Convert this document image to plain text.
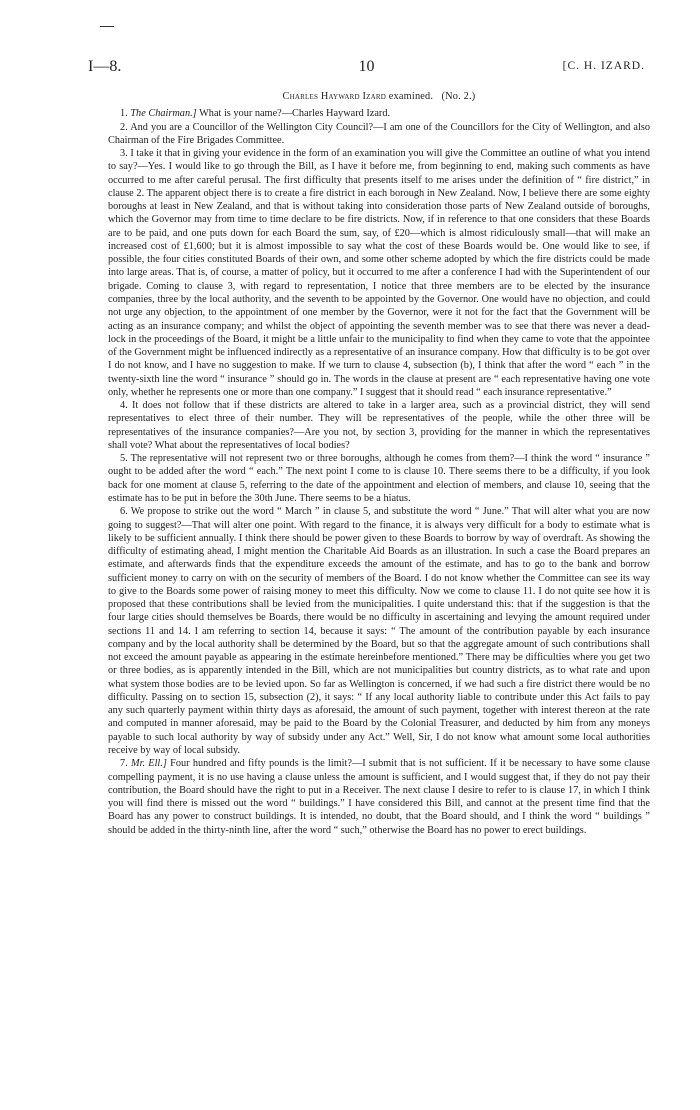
I—8.	10	[C. H. IZARD.
Charles Hayward Izard examined. (No. 2.)

1. The Chairman.] What is your name?—Charles Hayward Izard.

2. And you are a Councillor of the Wellington City Council?—I am one of the Councillors for the City of Wellington, and also Chairman of the Fire Brigades Committee.

3. I take it that in giving your evidence in the form of an examination you will give the Committee an outline of what you intend to say?—Yes. I would like to go through the Bill, as I have it before me, from beginning to end, making such comments as have occurred to me after careful perusal. The first difficulty that presents itself to me arises under the definition of “ fire district,” in clause 2. The apparent object there is to create a fire district in each borough in New Zealand. Now, I believe there are some eighty boroughs at least in New Zealand, and that is without taking into consideration those parts of New Zealand outside of boroughs, which the Governor may from time to time declare to be fire districts. Now, if in reference to that one considers that these Boards are to be paid, and one puts down for each Board the sum, say, of £20—which is almost ridiculously small—that will make an increased cost of £1,600; but it is almost impossible to say what the cost of these Boards would be. One would like to see, if possible, the four cities constituted Boards of their own, and some other scheme adopted by which the fire districts could be made into large areas. That is, of course, a matter of policy, but it occurred to me after a conference I had with the Superintendent of our brigade. Coming to clause 3, with regard to representation, I notice that three members are to be elected by the insurance companies, three by the local authority, and the seventh to be appointed by the Governor. One would have no objection, and could not urge any objection, to the appointment of one member by the Governor, were it not for the fact that the Government will be acting as an insurance company; and whilst the object of appointing the seventh member was to see that there was never a dead-lock in the proceedings of the Board, it might be a little unfair to the municipality to find when they came to vote that the appointee of the Government might be influenced indirectly as a representative of an insurance company. How that difficulty is to be got over I do not know, and I have no suggestion to make. If we turn to clause 4, subsection (b), I think that after the word “ each ” in the twenty-sixth line the word “ insurance ” should go in. The words in the clause at present are “ each representative having one vote only, whether he represents one or more than one company.” I suggest that it should read “ each insurance representative.”

4. It does not follow that if these districts are altered to take in a larger area, such as a provincial district, they will send representatives to elect three of their number. They will be representatives of the people, while the other three will be representatives of the insurance companies?—Are you not, by section 3, providing for the manner in which the representatives shall vote? What about the representatives of local bodies?

5. The representative will not represent two or three boroughs, although he comes from them?—I think the word “ insurance ” ought to be added after the word “ each.” The next point I come to is clause 10. There seems there to be a difficulty, if you look back for one moment at clause 5, referring to the date of the appointment and election of members, and clause 10, seeing that the estimate has to be put in before the 30th June. There seems to be a hiatus.

6. We propose to strike out the word “ March ” in clause 5, and substitute the word “ June.” That will alter what you are now going to suggest?—That will alter one point. With regard to the finance, it is always very difficult for a body to estimate what is likely to be sufficient annually. I think there should be power given to these Boards to borrow by way of overdraft. As showing the difficulty of estimating ahead, I might mention the Charitable Aid Boards as an illustration. In such a case the Board prepares an estimate, and afterwards finds that the expenditure exceeds the amount of the estimate, and has to go to the bank and borrow sufficient money to carry on with on the security of members of the Board. I do not know whether the Committee can see its way to give to the Boards some power of raising money to meet this difficulty. Now we come to clause 11. I do not quite see how it is proposed that these contributions shall be levied from the municipalities. I quite understand this: that if the suggestion is that the four large cities should themselves be Boards, there would be no difficulty in ascertaining and levying the amount required under sections 11 and 14. I am referring to section 14, because it says: “ The amount of the contribution payable by each insurance company and by the local authority shall be determined by the Board, but so that the aggregate amount of such contributions shall not exceed the amount payable as appearing in the estimate hereinbefore mentioned.” There may be difficulties where you get two or three bodies, as is apparently intended in the Bill, which are not municipalities but country districts, as to what rate and upon what system those bodies are to be levied upon. So far as Wellington is concerned, if we had such a fire district there would be no difficulty. Passing on to section 15, subsection (2), it says: “ If any local authority liable to contribute under this Act fails to pay any such quarterly payment within thirty days as aforesaid, the amount of such payment, together with interest thereon at the rate and computed in manner aforesaid, may be paid to the Board by the Colonial Treasurer, and deducted by him from any moneys payable to such local authority by way of subsidy under any Act.” Well, Sir, I do not know what amount some local authorities receive by way of local subsidy.

7. Mr. Ell.] Four hundred and fifty pounds is the limit?—I submit that is not sufficient. If it be necessary to have some clause compelling payment, it is no use having a clause unless the amount is sufficient, and I would suggest that, if they do not pay their contribution, the Board should have the right to put in a Receiver. The next clause I desire to refer to is clause 17, in which I think you will find there is missed out the word “ buildings.” I have considered this Bill, and cannot at the present time find that the Board has any power to construct buildings. It is intended, no doubt, that the Board should, and I think the word “ buildings ” should be added in the thirty-ninth line, after the word “ such,” otherwise the Board has no power to erect buildings.
